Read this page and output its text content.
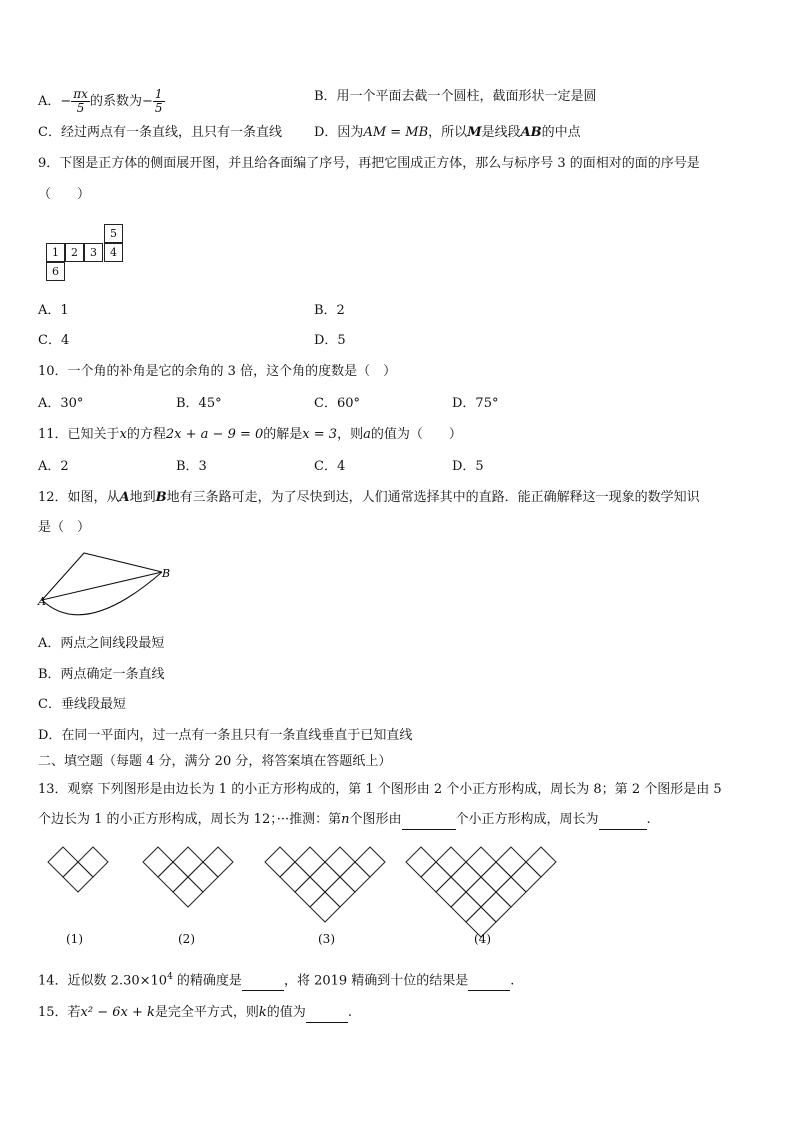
A．− $\frac{\pi x}{5}$ 的系数为− $\frac{1}{5}$	B．用一个平面去截一个圆柱，截面形状一定是圆
C．经过两点有一条直线，且只有一条直线 D．因为AM = MB，所以M是线段AB的中点
9．下图是正方体的侧面展开图，并且给各面编了序号，再把它围成正方体，那么与标序号 3 的面相对的面的序号是
（　　）
1	2	3	4
5
6
A．1	B．2
C．4	D．5
10．一个角的补角是它的余角的 3 倍，这个角的度数是（　）
A．30°	B．45°	C．60°	D．75°
11．已知关于x的方程2x + a − 9 = 0的解是x = 3，则a的值为（　　）
A．2	B．3	C．4	D．5
12．如图，从A地到B地有三条路可走，为了尽快到达，人们通常选择其中的直路．能正确解释这一现象的数学知识
是（　）
A
B
A．两点之间线段最短
B．两点确定一条直线
C．垂线段最短
D．在同一平面内，过一点有一条且只有一条直线垂直于已知直线
二、填空题（每题 4 分，满分 20 分，将答案填在答题纸上）
13．观察 下列图形是由边长为 1 的小正方形构成的，第 1 个图形由 2 个小正方形构成，周长为 8；第 2 个图形是由 5
个边长为 1 的小正方形构成，周长为 12；···推测：第n个图形由	个小正方形构成，周长为	.
(1)	(2)	(3)	(4)
14．近似数 $2.30\times 10^4$ 的精确度是	，将 2019 精确到十位的结果是	.
15．若x² − 6x + k是完全平方式，则k的值为	.
